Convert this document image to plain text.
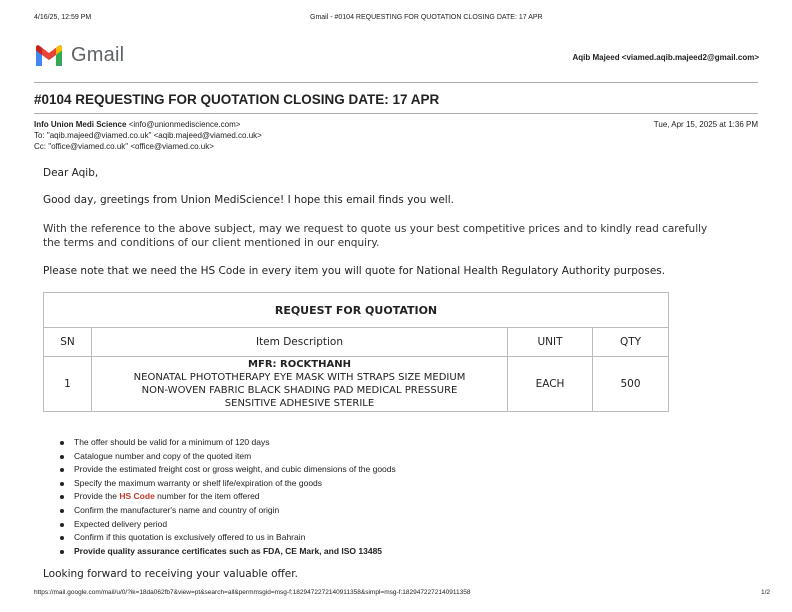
4/16/25, 12:59 PM	Gmail - #0104 REQUESTING FOR QUOTATION CLOSING DATE: 17 APR
Gmail	Aqib Majeed <viamed.aqib.majeed2@gmail.com>
#0104 REQUESTING FOR QUOTATION CLOSING DATE: 17 APR
Info Union Medi Science <info@unionmediscience.com>
To: "aqib.majeed@viamed.co.uk" <aqib.majeed@viamed.co.uk>
Cc: "office@viamed.co.uk" <office@viamed.co.uk>
Tue, Apr 15, 2025 at 1:36 PM
Dear Aqib,
Good day, greetings from Union MediScience! I hope this email finds you well.
With the reference to the above subject, may we request to quote us your best competitive prices and to kindly read carefully
the terms and conditions of our client mentioned in our enquiry.
Please note that we need the HS Code in every item you will quote for National Health Regulatory Authority purposes.
REQUEST FOR QUOTATION			
SN	Item Description	UNIT	QTY
1	MFR: ROCKTHANH
NEONATAL PHOTOTHERAPY EYE MASK WITH STRAPS SIZE MEDIUM
NON-WOVEN FABRIC BLACK SHADING PAD MEDICAL PRESSURE
SENSITIVE ADHESIVE STERILE	EACH	500
The offer should be valid for a minimum of 120 days
Catalogue number and copy of the quoted item
Provide the estimated freight cost or gross weight, and cubic dimensions of the goods
Specify the maximum warranty or shelf life/expiration of the goods
Provide the HS Code number for the item offered
Confirm the manufacturer's name and country of origin
Expected delivery period
Confirm if this quotation is exclusively offered to us in Bahrain
Provide quality assurance certificates such as FDA, CE Mark, and ISO 13485
Looking forward to receiving your valuable offer.
https://mail.google.com/mail/u/0/?ik=18da062fb7&view=pt&search=all&permmsgid=msg-f:1829472272140911358&simpl=msg-f:1829472272140911358	1/2
